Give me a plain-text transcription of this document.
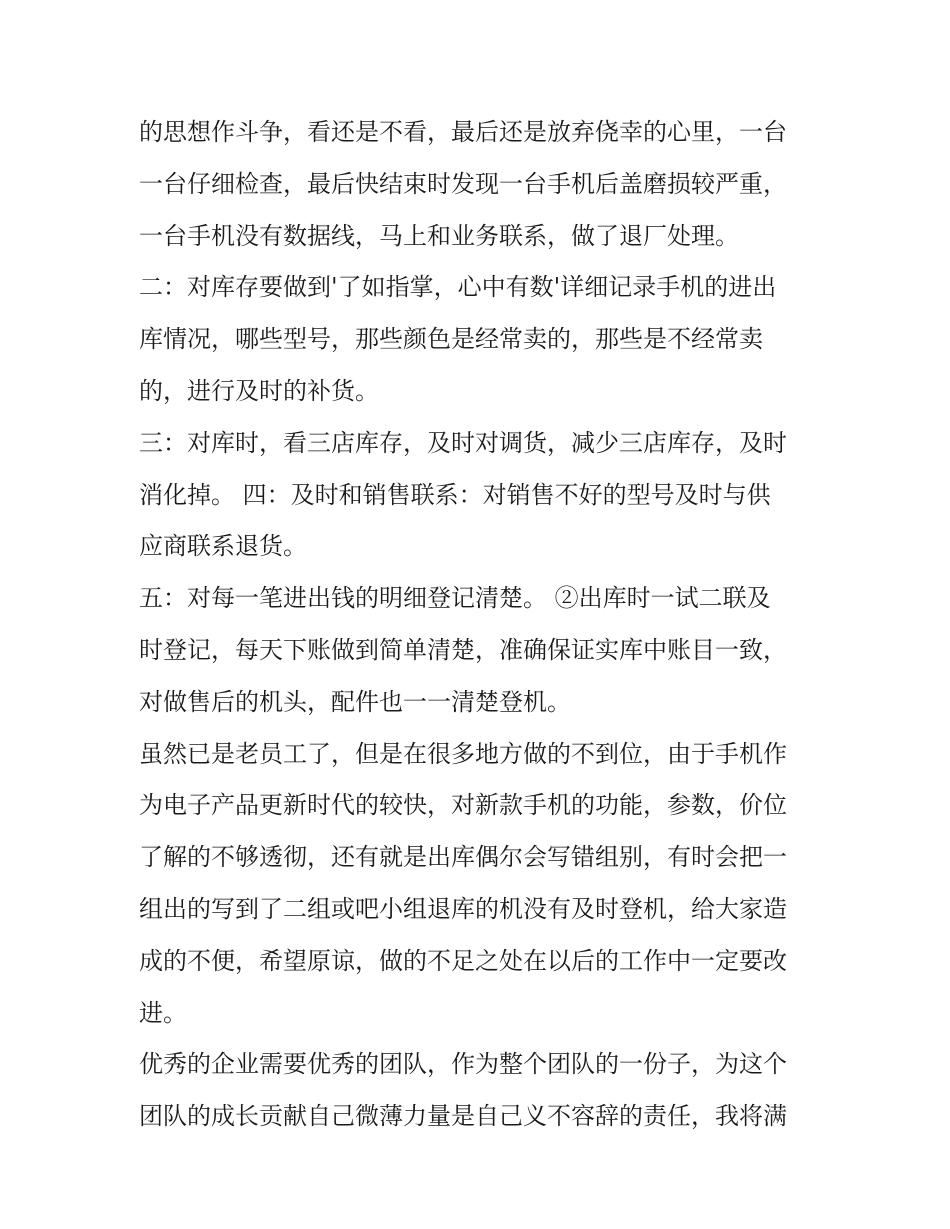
的思想作斗争，看还是不看，最后还是放弃侥幸的心里，一台
一台仔细检查，最后快结束时发现一台手机后盖磨损较严重，
一台手机没有数据线，马上和业务联系，做了退厂处理。
二：对库存要做到'了如指掌，心中有数'详细记录手机的进出
库情况，哪些型号，那些颜色是经常卖的，那些是不经常卖
的，进行及时的补货。
三：对库时，看三店库存，及时对调货，减少三店库存，及时
消化掉。 四：及时和销售联系：对销售不好的型号及时与供
应商联系退货。
五：对每一笔进出钱的明细登记清楚。 ②出库时一试二联及
时登记，每天下账做到简单清楚，准确保证实库中账目一致，
对做售后的机头，配件也一一清楚登机。
虽然已是老员工了，但是在很多地方做的不到位，由于手机作
为电子产品更新时代的较快，对新款手机的功能，参数，价位
了解的不够透彻，还有就是出库偶尔会写错组别，有时会把一
组出的写到了二组或吧小组退库的机没有及时登机，给大家造
成的不便，希望原谅，做的不足之处在以后的工作中一定要改
进。
优秀的企业需要优秀的团队，作为整个团队的一份子，为这个
团队的成长贡献自己微薄力量是自己义不容辞的责任，我将满
